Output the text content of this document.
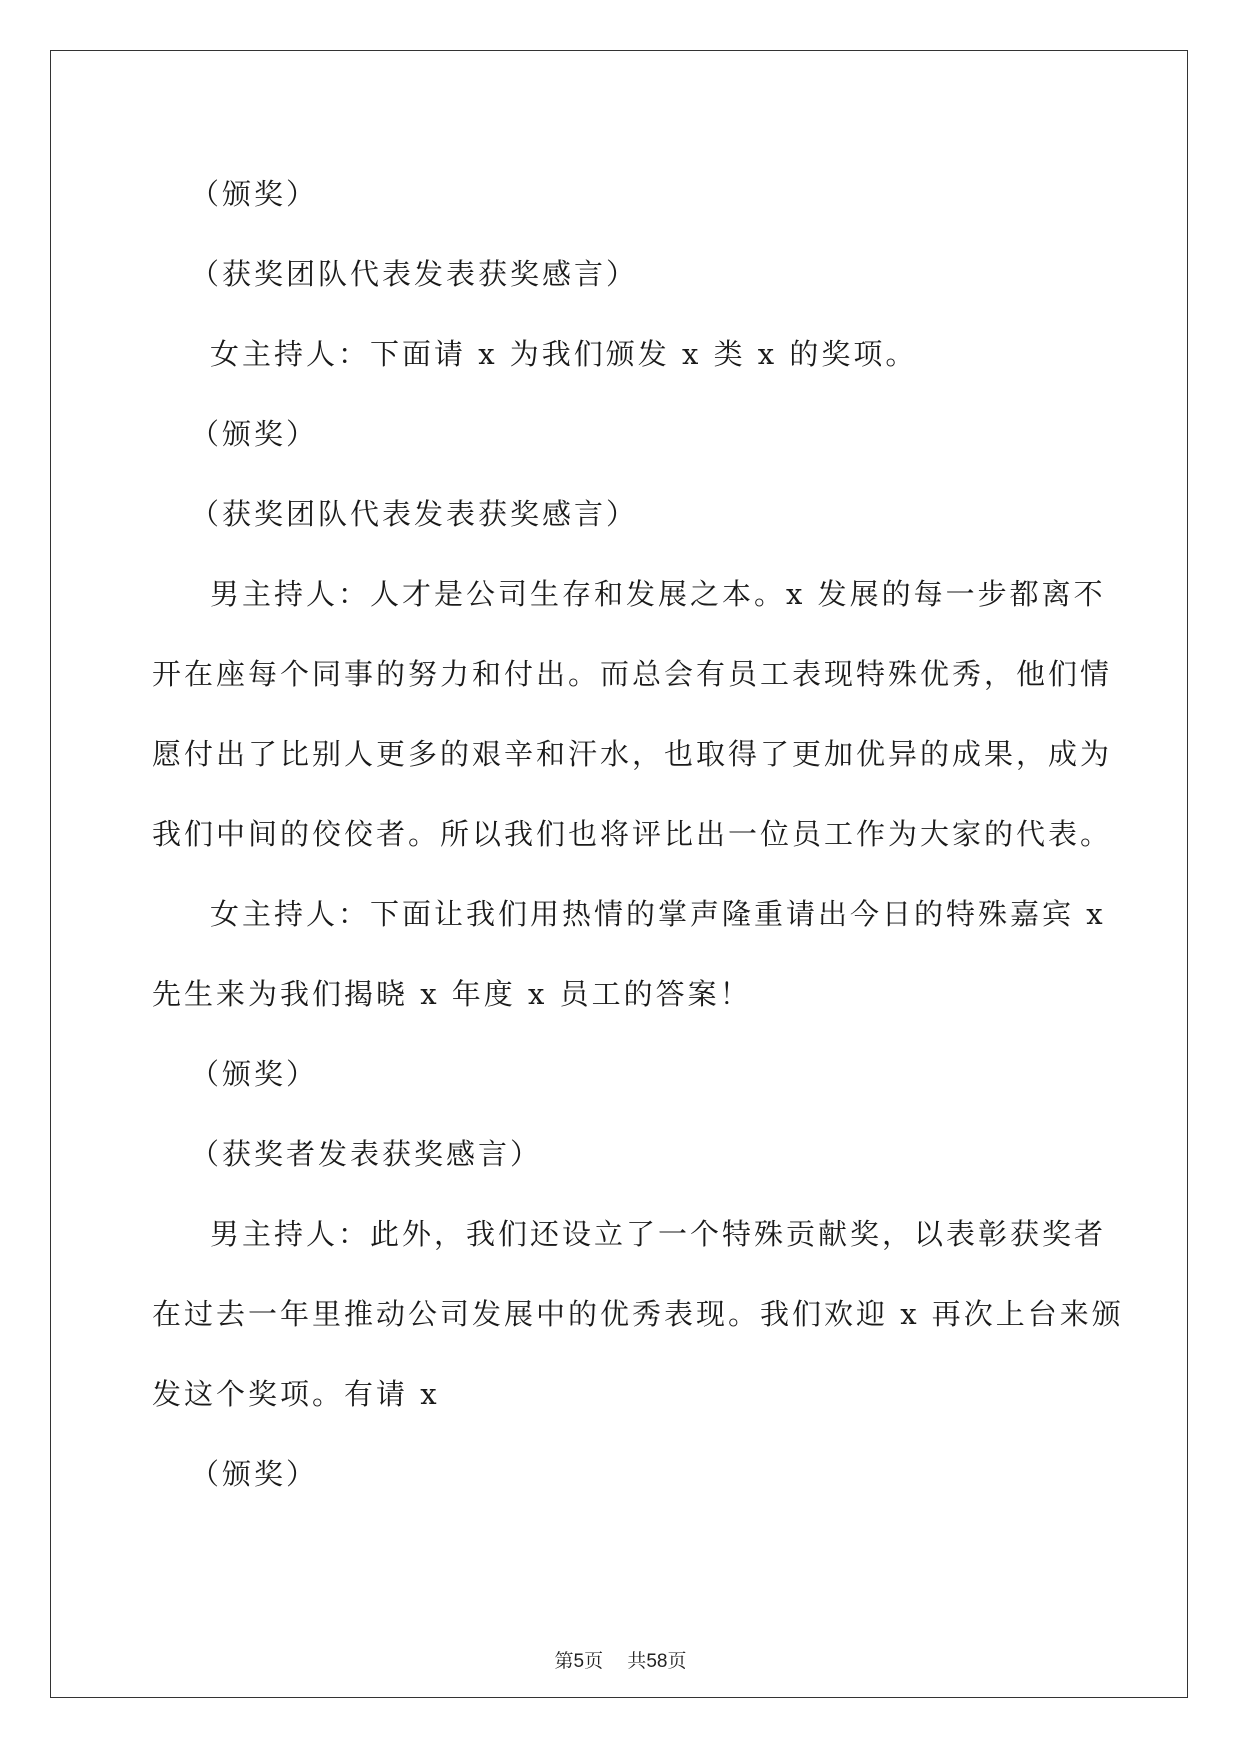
（颁奖）

（获奖团队代表发表获奖感言）

女主持人：下面请 x 为我们颁发 x 类 x 的奖项。

（颁奖）

（获奖团队代表发表获奖感言）

男主持人：人才是公司生存和发展之本。x 发展的每一步都离不

开在座每个同事的努力和付出。而总会有员工表现特殊优秀，他们情

愿付出了比别人更多的艰辛和汗水，也取得了更加优异的成果，成为

我们中间的佼佼者。所以我们也将评比出一位员工作为大家的代表。

女主持人：下面让我们用热情的掌声隆重请出今日的特殊嘉宾 x

先生来为我们揭晓 x 年度 x 员工的答案！

（颁奖）

（获奖者发表获奖感言）

男主持人：此外，我们还设立了一个特殊贡献奖，以表彰获奖者

在过去一年里推动公司发展中的优秀表现。我们欢迎 x 再次上台来颁

发这个奖项。有请 x

（颁奖）

第5页 共58页
